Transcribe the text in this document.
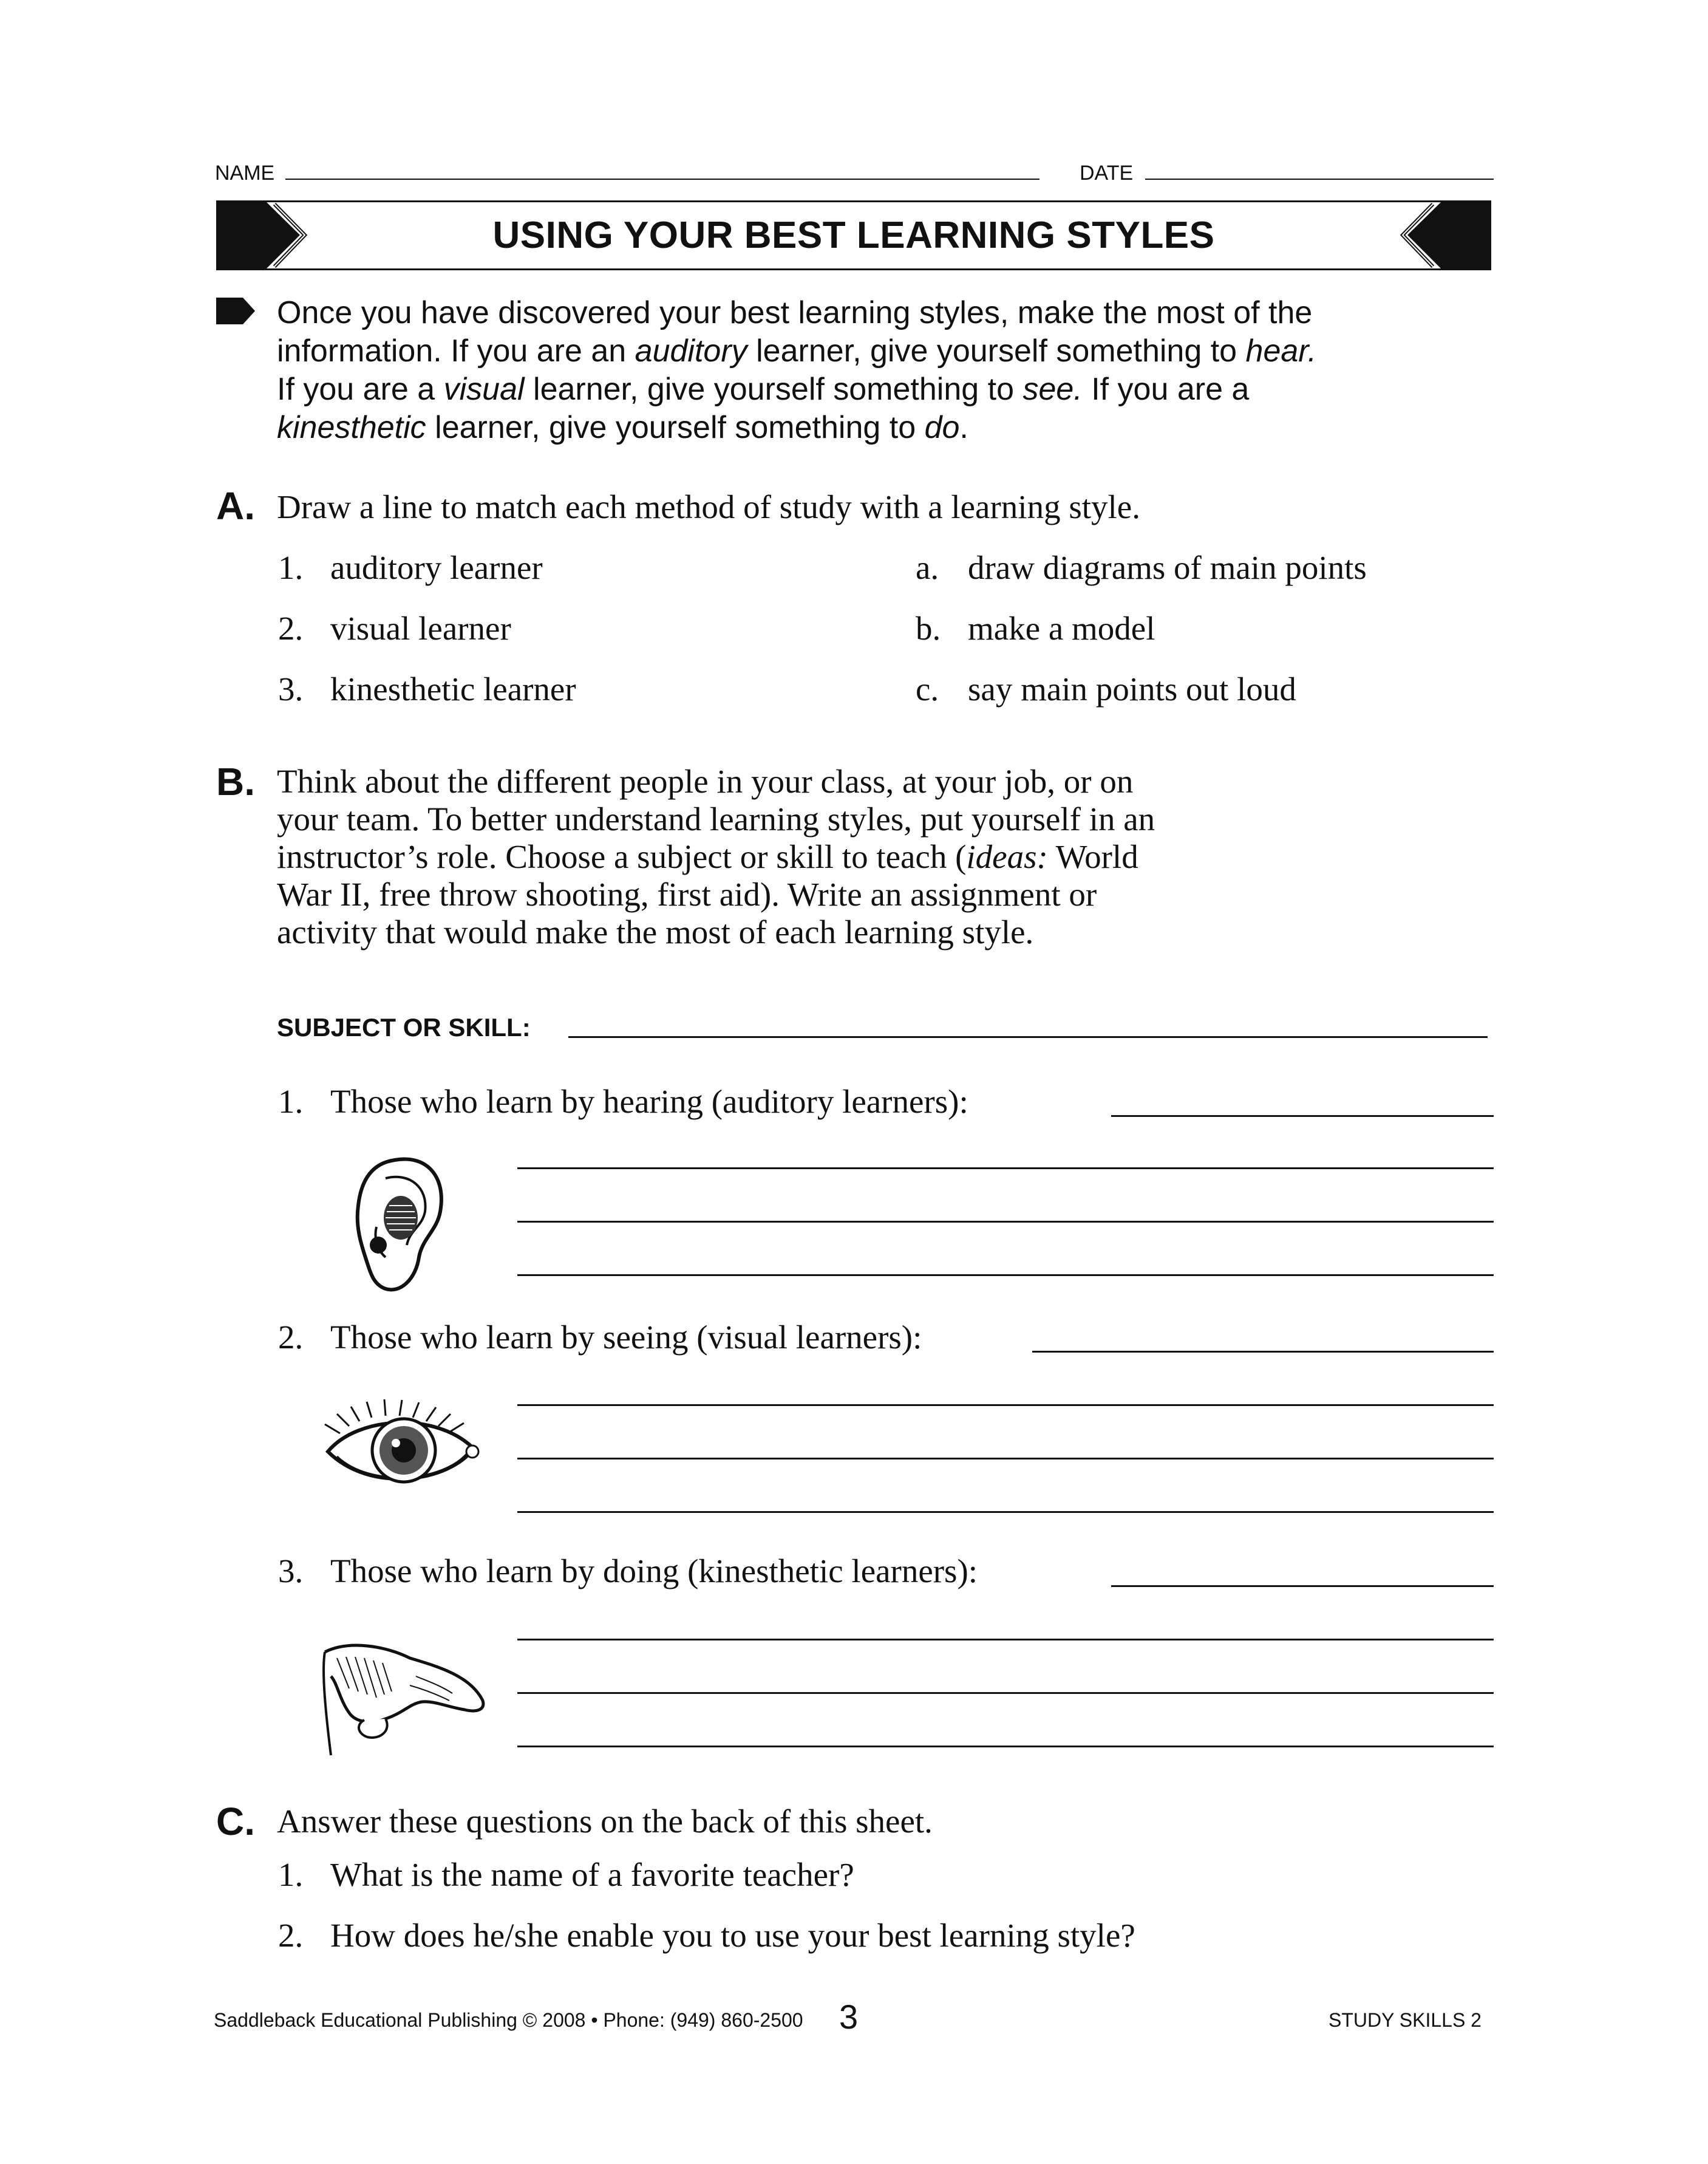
NAME	DATE
USING YOUR BEST LEARNING STYLES
Once you have discovered your best learning styles, make the most of the
information. If you are an auditory learner, give yourself something to hear.
If you are a visual learner, give yourself something to see. If you are a
kinesthetic learner, give yourself something to do.
A. Draw a line to match each method of study with a learning style.
1. auditory learner
2. visual learner
3. kinesthetic learner
a. draw diagrams of main points
b. make a model
c. say main points out loud
B. Think about the different people in your class, at your job, or on
your team. To better understand learning styles, put yourself in an
instructor’s role. Choose a subject or skill to teach (ideas: World
War II, free throw shooting, first aid). Write an assignment or
activity that would make the most of each learning style.
SUBJECT OR SKILL:
1. Those who learn by hearing (auditory learners):
2. Those who learn by seeing (visual learners):
3. Those who learn by doing (kinesthetic learners):
C. Answer these questions on the back of this sheet.
1. What is the name of a favorite teacher?
2. How does he/she enable you to use your best learning style?
Saddleback Educational Publishing © 2008 • Phone: (949) 860-2500 3	STUDY SKILLS 2
